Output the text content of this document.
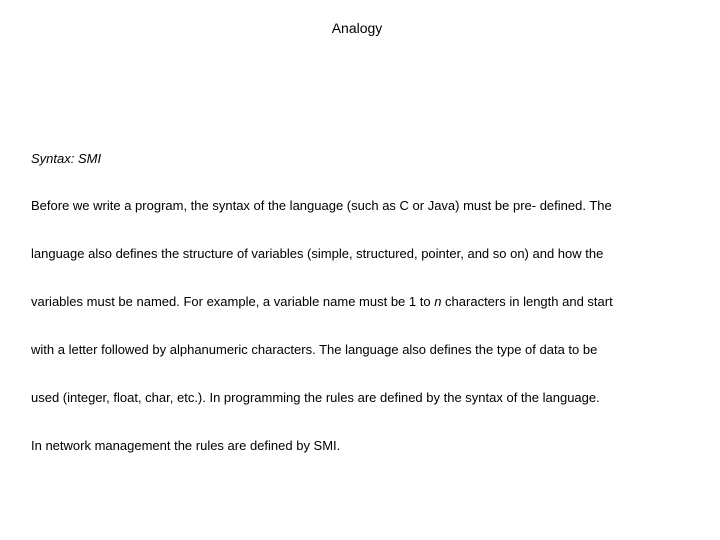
Analogy
Syntax: SMI
Before we write a program, the syntax of the language (such as C or Java) must be pre- defined. The
language also defines the structure of variables (simple, structured, pointer, and so on) and how the
variables must be named. For example, a variable name must be 1 to n characters in length and start
with a letter followed by alphanumeric characters. The language also defines the type of data to be
used (integer, float, char, etc.). In programming the rules are defined by the syntax of the language.
In network management the rules are defined by SMI.
